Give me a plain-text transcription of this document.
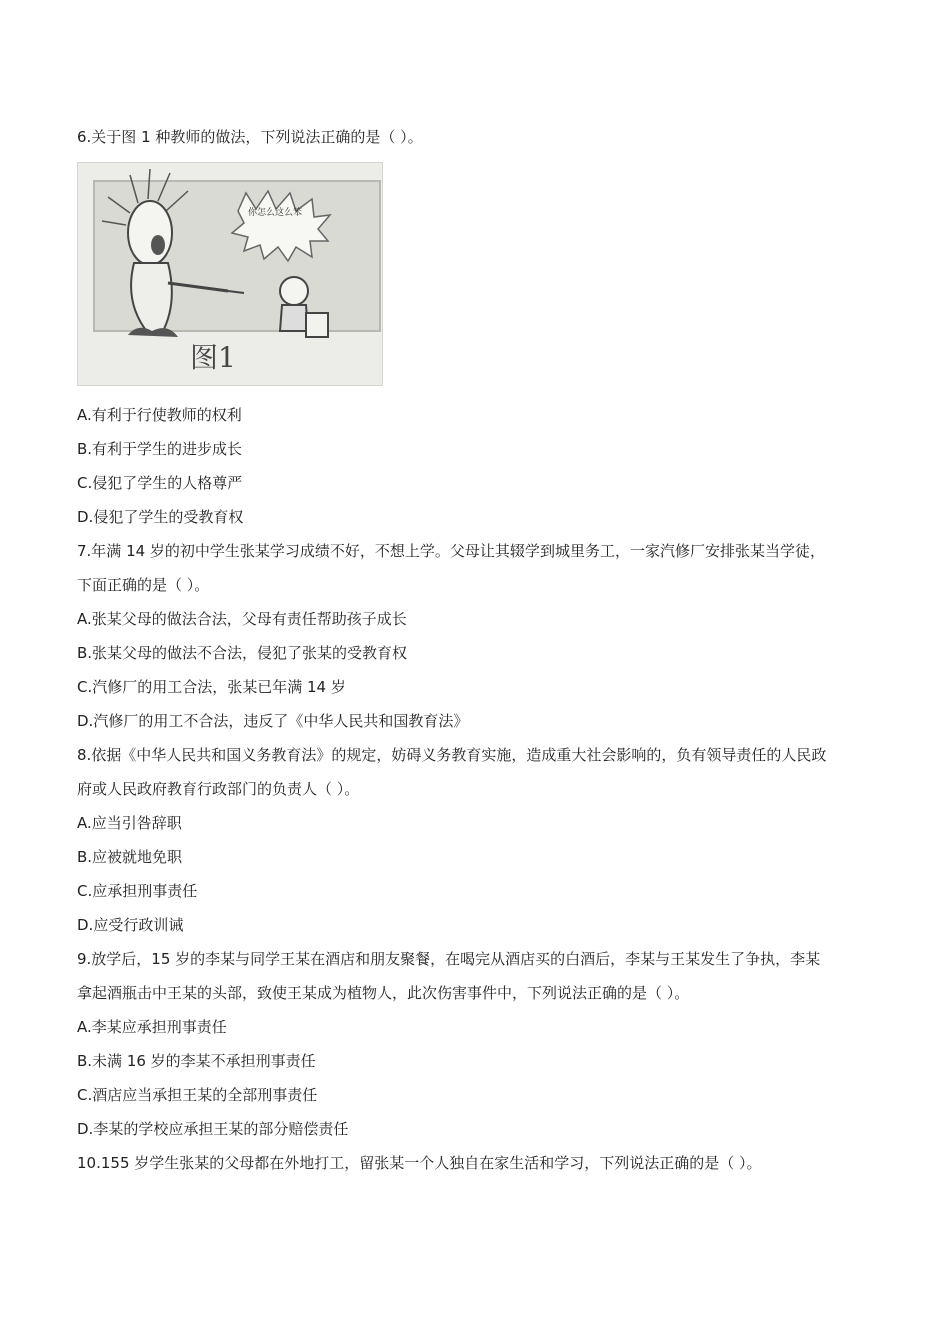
6.关于图 1 种教师的做法，下列说法正确的是（ ）。

你怎么这么笨
图1

A.有利于行使教师的权利

B.有利于学生的进步成长

C.侵犯了学生的人格尊严

D.侵犯了学生的受教育权

7.年满 14 岁的初中学生张某学习成绩不好，不想上学。父母让其辍学到城里务工，一家汽修厂安排张某当学徒，

下面正确的是（ ）。

A.张某父母的做法合法，父母有责任帮助孩子成长

B.张某父母的做法不合法，侵犯了张某的受教育权

C.汽修厂的用工合法，张某已年满 14 岁

D.汽修厂的用工不合法，违反了《中华人民共和国教育法》

8.依据《中华人民共和国义务教育法》的规定，妨碍义务教育实施，造成重大社会影响的，负有领导责任的人民政

府或人民政府教育行政部门的负责人（ ）。

A.应当引咎辞职

B.应被就地免职

C.应承担刑事责任

D.应受行政训诫

9.放学后，15 岁的李某与同学王某在酒店和朋友聚餐，在喝完从酒店买的白酒后，李某与王某发生了争执，李某

拿起酒瓶击中王某的头部，致使王某成为植物人，此次伤害事件中，下列说法正确的是（ ）。

A.李某应承担刑事责任

B.未满 16 岁的李某不承担刑事责任

C.酒店应当承担王某的全部刑事责任

D.李某的学校应承担王某的部分赔偿责任

10.155 岁学生张某的父母都在外地打工，留张某一个人独自在家生活和学习，下列说法正确的是（ ）。
